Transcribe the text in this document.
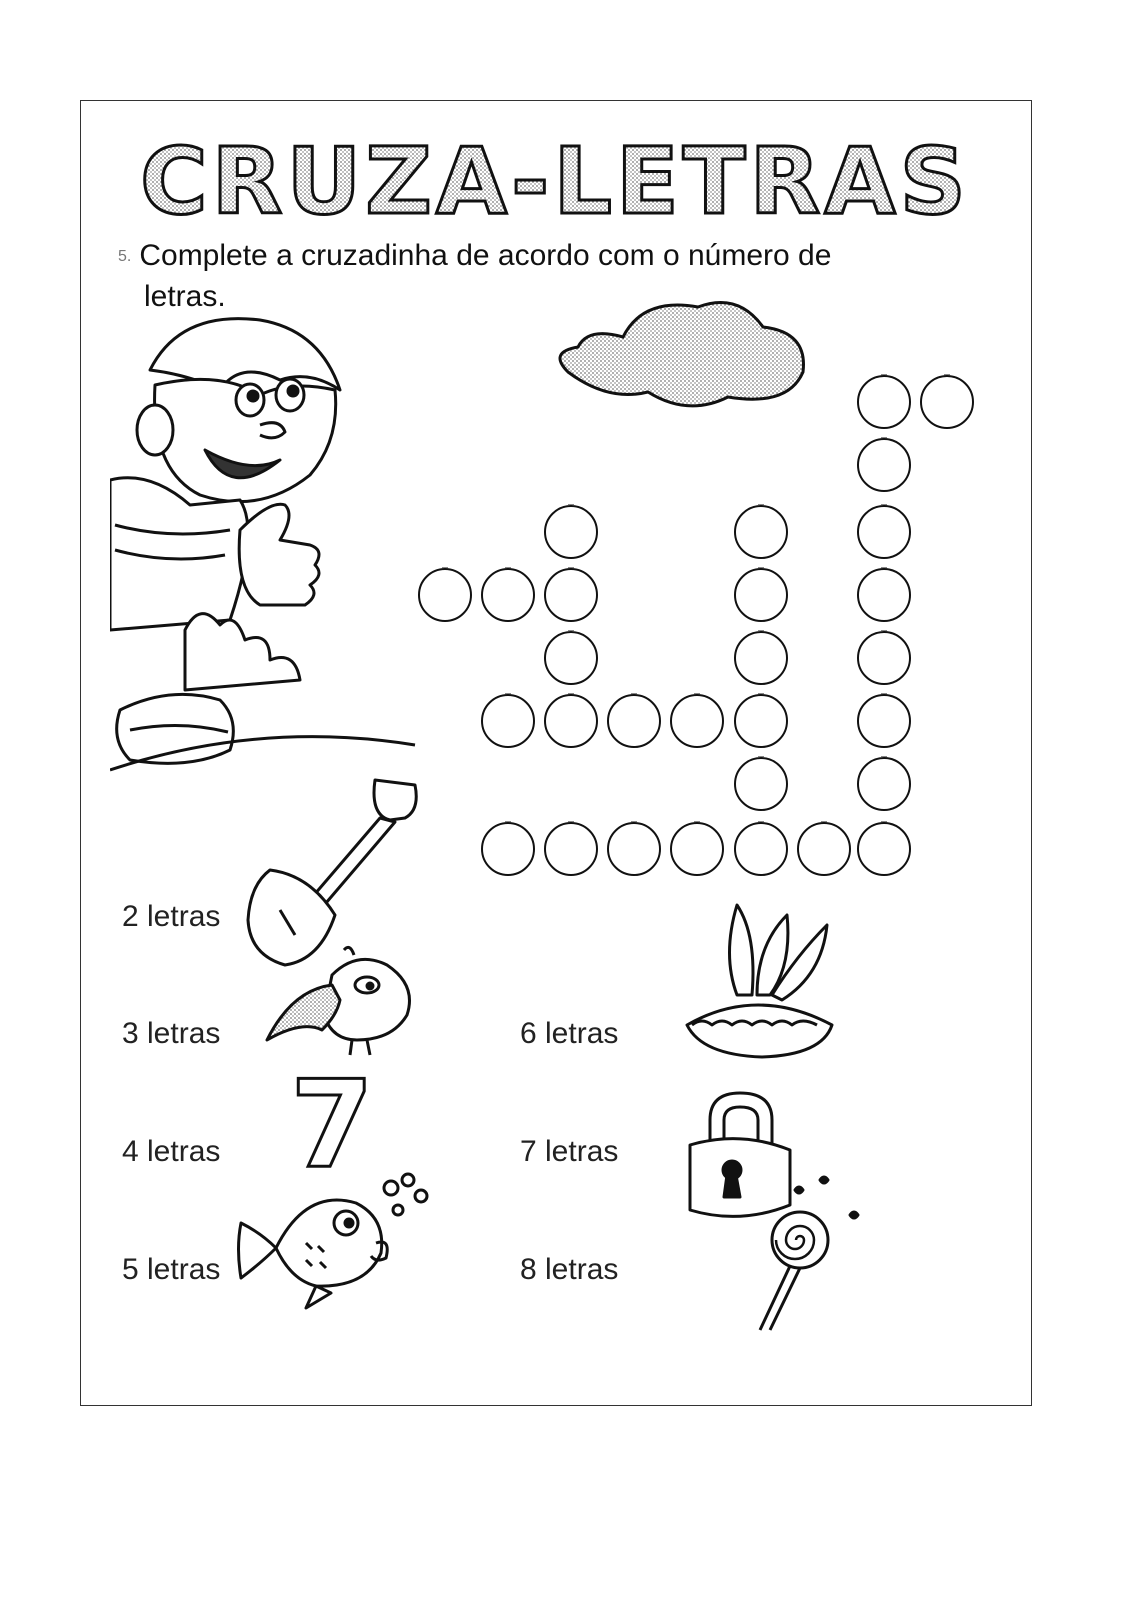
CRUZA-LETRAS
5. Complete a cruzadinha de acordo com o número de
letras.
2 letras
3 letras
4 letras
5 letras
6 letras
7 letras
8 letras
7
